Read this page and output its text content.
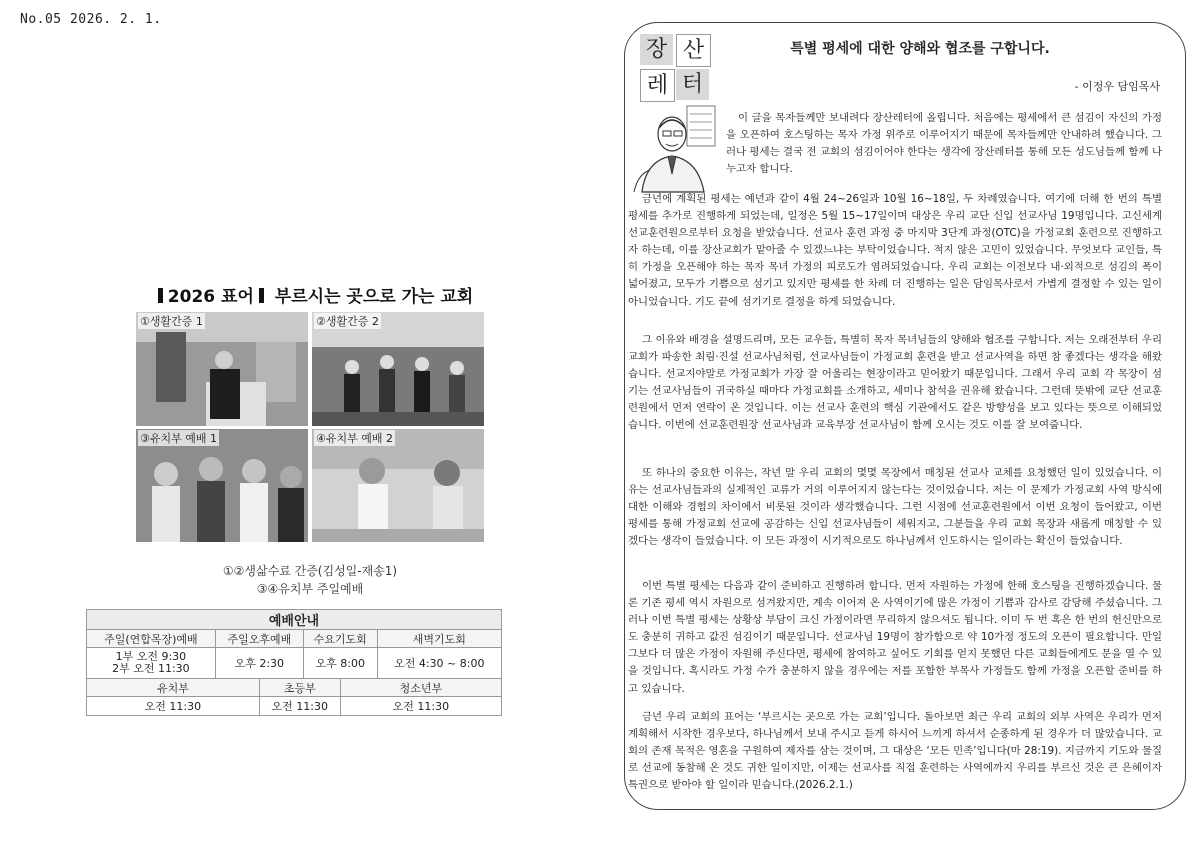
No.05 2026. 2. 1.
2026 표어 부르시는 곳으로 가는 교회
①생활간증 1	②생활간증 2
③유치부 예배 1	④유치부 예배 2
①②생삶수료 간증(김성일-재송1)
③④유치부 주일예배
예배안내					
주일(연합목장)예배	주일오후예배		수요기도회		새벽기도회
1부 오전 9:30
2부 오전 11:30	오후 2:30		오후 8:00		오전 4:30 ~ 8:00
유치부		초등부		청소년부	
오전 11:30		오전 11:30		오전 11:30	
장 산
레 터
특별 평세에 대한 양해와 협조를 구합니다.
- 이정우 담임목사

이 글을 목자들께만 보내려다 장산레터에 올립니다. 처음에는 평세에서 큰 섬김이 자신의 가정을 오픈하여 호스팅하는 목자 가정 위주로 이루어지기 때문에 목자들께만 안내하려 했습니다. 그러나 평세는 결국 전 교회의 섬김이어야 한다는 생각에 장산레터를 통해 모든 성도님들께 함께 나누고자 합니다.

금년에 계획된 평세는 예년과 같이 4월 24~26일과 10월 16~18일, 두 차례였습니다. 여기에 더해 한 번의 특별 평세를 추가로 진행하게 되었는데, 일정은 5월 15~17일이며 대상은 우리 교단 신입 선교사님 19명입니다. 고신세계선교훈련원으로부터 요청을 받았습니다. 선교사 훈련 과정 중 마지막 3단계 과정(OTC)을 가정교회 훈련으로 진행하고자 하는데, 이를 장산교회가 맡아줄 수 있겠느냐는 부탁이었습니다. 적지 않은 고민이 있었습니다. 무엇보다 교인들, 특히 가정을 오픈해야 하는 목자 목녀 가정의 피로도가 염려되었습니다. 우리 교회는 이전보다 내·외적으로 섬김의 폭이 넓어졌고, 모두가 기쁨으로 섬기고 있지만 평세를 한 차례 더 진행하는 일은 담임목사로서 가볍게 결정할 수 있는 일이 아니었습니다. 기도 끝에 섬기기로 결정을 하게 되었습니다.

그 이유와 배경을 설명드리며, 모든 교우들, 특별히 목자 목녀님들의 양해와 협조를 구합니다. 저는 오래전부터 우리 교회가 파송한 최림·진설 선교사님처럼, 선교사님들이 가정교회 훈련을 받고 선교사역을 하면 참 좋겠다는 생각을 해왔습니다. 선교지야말로 가정교회가 가장 잘 어울리는 현장이라고 믿어왔기 때문입니다. 그래서 우리 교회 각 목장이 섬기는 선교사님들이 귀국하실 때마다 가정교회를 소개하고, 세미나 참석을 권유해 왔습니다. 그런데 뜻밖에 교단 선교훈련원에서 먼저 연락이 온 것입니다. 이는 선교사 훈련의 핵심 기관에서도 같은 방향성을 보고 있다는 뜻으로 이해되었습니다. 이번에 선교훈련원장 선교사님과 교육부장 선교사님이 함께 오시는 것도 이를 잘 보여줍니다.

또 하나의 중요한 이유는, 작년 말 우리 교회의 몇몇 목장에서 매칭된 선교사 교체를 요청했던 일이 있었습니다. 이유는 선교사님들과의 실제적인 교류가 거의 이루어지지 않는다는 것이었습니다. 저는 이 문제가 가정교회 사역 방식에 대한 이해와 경험의 차이에서 비롯된 것이라 생각했습니다. 그런 시점에 선교훈련원에서 이번 요청이 들어왔고, 이번 평세를 통해 가정교회 선교에 공감하는 신입 선교사님들이 세워지고, 그분들을 우리 교회 목장과 새롭게 매칭할 수 있겠다는 생각이 들었습니다. 이 모든 과정이 시기적으로도 하나님께서 인도하시는 일이라는 확신이 들었습니다.

이번 특별 평세는 다음과 같이 준비하고 진행하려 합니다. 먼저 자원하는 가정에 한해 호스팅을 진행하겠습니다. 물론 기존 평세 역시 자원으로 섬겨왔지만, 계속 이어져 온 사역이기에 많은 가정이 기쁨과 감사로 감당해 주셨습니다. 그러나 이번 특별 평세는 상황상 부담이 크신 가정이라면 무리하지 않으셔도 됩니다. 이미 두 번 혹은 한 번의 헌신만으로도 충분히 귀하고 값진 섬김이기 때문입니다. 선교사님 19명이 참가함으로 약 10가정 정도의 오픈이 필요합니다. 만일 그보다 더 많은 가정이 자원해 주신다면, 평세에 참여하고 싶어도 기회를 얻지 못했던 다른 교회들에게도 문을 열 수 있을 것입니다. 혹시라도 가정 수가 충분하지 않을 경우에는 저를 포함한 부목사 가정들도 함께 가정을 오픈할 준비를 하고 있습니다.

금년 우리 교회의 표어는 ‘부르시는 곳으로 가는 교회’입니다. 돌아보면 최근 우리 교회의 외부 사역은 우리가 먼저 계획해서 시작한 경우보다, 하나님께서 보내 주시고 듣게 하시어 느끼게 하셔서 순종하게 된 경우가 더 많았습니다. 교회의 존재 목적은 영혼을 구원하여 제자를 삼는 것이며, 그 대상은 ‘모든 민족’입니다(마 28:19). 지금까지 기도와 물질로 선교에 동참해 온 것도 귀한 일이지만, 이제는 선교사를 직접 훈련하는 사역에까지 우리를 부르신 것은 큰 은혜이자 특권으로 받아야 할 일이라 믿습니다.(2026.2.1.)
